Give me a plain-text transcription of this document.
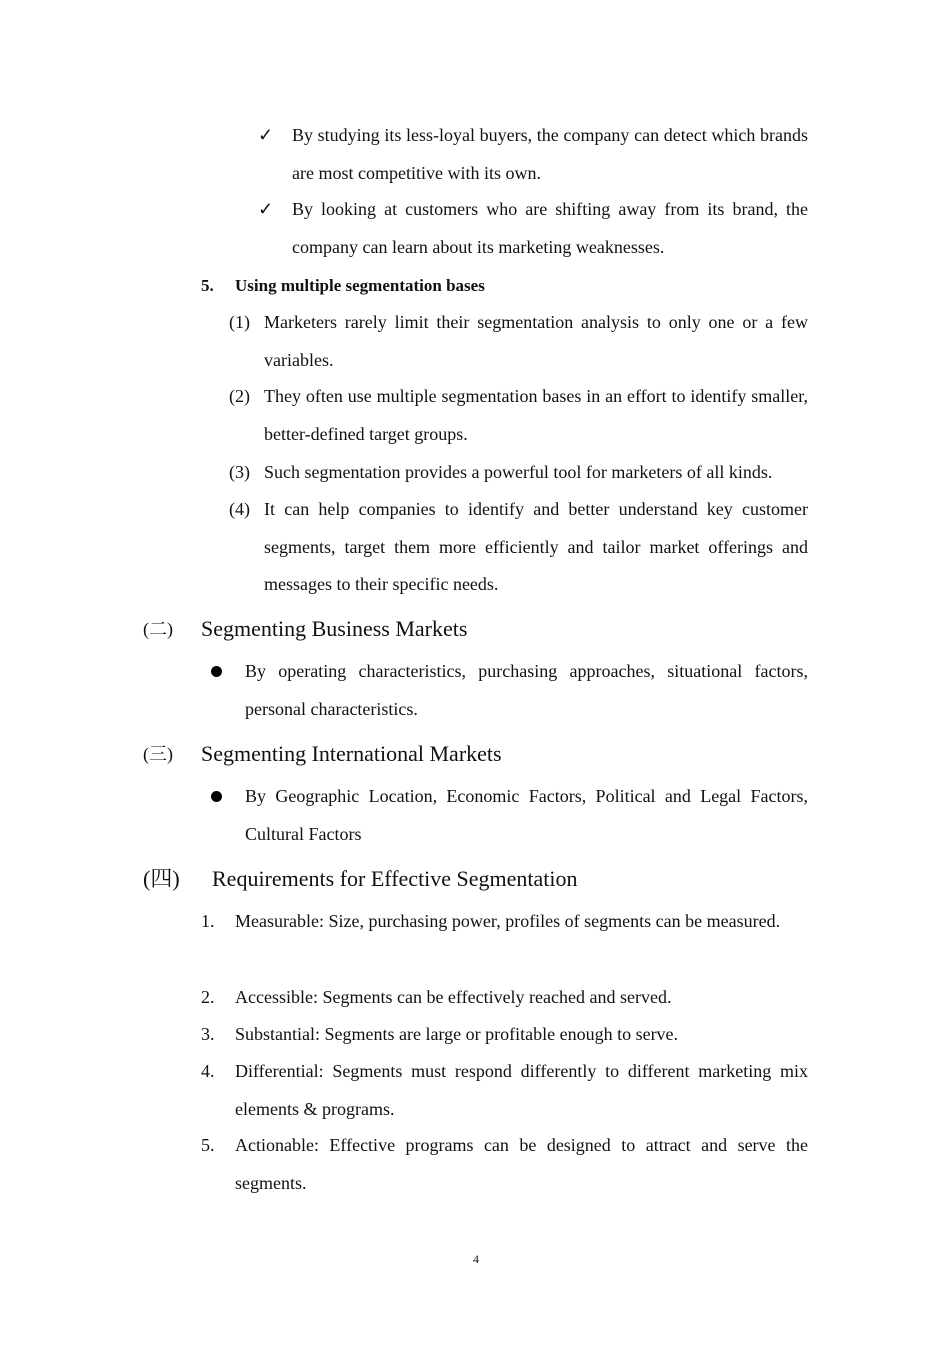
✓ By studying its less-loyal buyers, the company can detect which brands are most competitive with its own.
✓ By looking at customers who are shifting away from its brand, the company can learn about its marketing weaknesses.
5. Using multiple segmentation bases
(1) Marketers rarely limit their segmentation analysis to only one or a few variables.
(2) They often use multiple segmentation bases in an effort to identify smaller, better-defined target groups.
(3) Such segmentation provides a powerful tool for marketers of all kinds.
(4) It can help companies to identify and better understand key customer segments, target them more efficiently and tailor market offerings and messages to their specific needs.
(二) Segmenting Business Markets
By operating characteristics, purchasing approaches, situational factors, personal characteristics.
(三) Segmenting International Markets
By Geographic Location, Economic Factors, Political and Legal Factors, Cultural Factors
(四) Requirements for Effective Segmentation
1. Measurable: Size, purchasing power, profiles of segments can be measured.
2. Accessible: Segments can be effectively reached and served.
3. Substantial: Segments are large or profitable enough to serve.
4. Differential: Segments must respond differently to different marketing mix elements & programs.
5. Actionable: Effective programs can be designed to attract and serve the segments.
4
